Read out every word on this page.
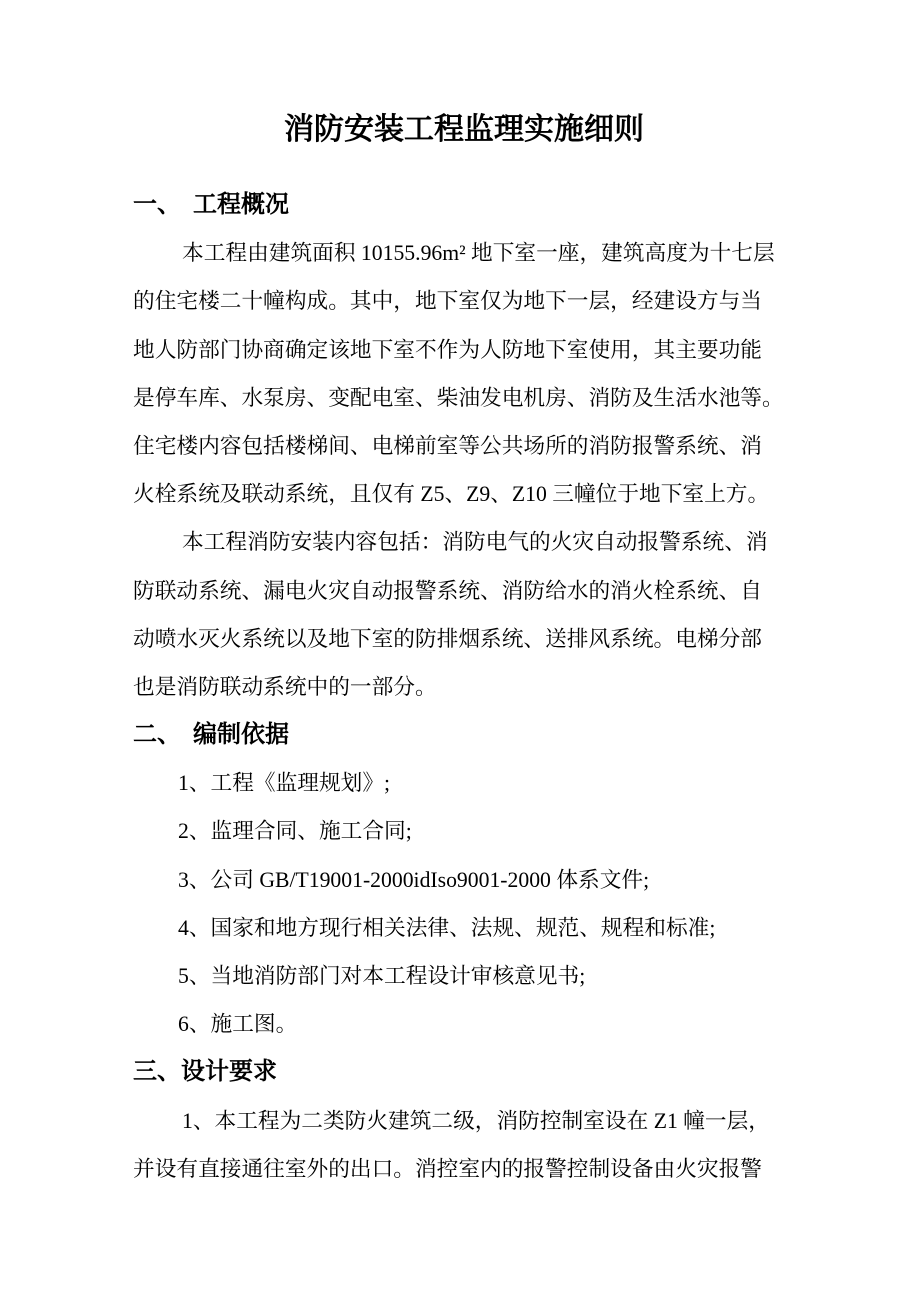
消防安装工程监理实施细则
一、　工程概况
本工程由建筑面积 10155.96m² 地下室一座，建筑高度为十七层
的住宅楼二十幢构成。其中，地下室仅为地下一层，经建设方与当
地人防部门协商确定该地下室不作为人防地下室使用，其主要功能
是停车库、水泵房、变配电室、柴油发电机房、消防及生活水池等。
住宅楼内容包括楼梯间、电梯前室等公共场所的消防报警系统、消
火栓系统及联动系统，且仅有 Z5、Z9、Z10 三幢位于地下室上方。
本工程消防安装内容包括：消防电气的火灾自动报警系统、消
防联动系统、漏电火灾自动报警系统、消防给水的消火栓系统、自
动喷水灭火系统以及地下室的防排烟系统、送排风系统。电梯分部
也是消防联动系统中的一部分。
二、　编制依据
1、工程《监理规划》;
2、监理合同、施工合同;
3、公司 GB/T19001-2000idIso9001-2000 体系文件;
4、国家和地方现行相关法律、法规、规范、规程和标准;
5、当地消防部门对本工程设计审核意见书;
6、施工图。
三、设计要求
1、本工程为二类防火建筑二级，消防控制室设在 Z1 幢一层，
并设有直接通往室外的出口。消控室内的报警控制设备由火灾报警
